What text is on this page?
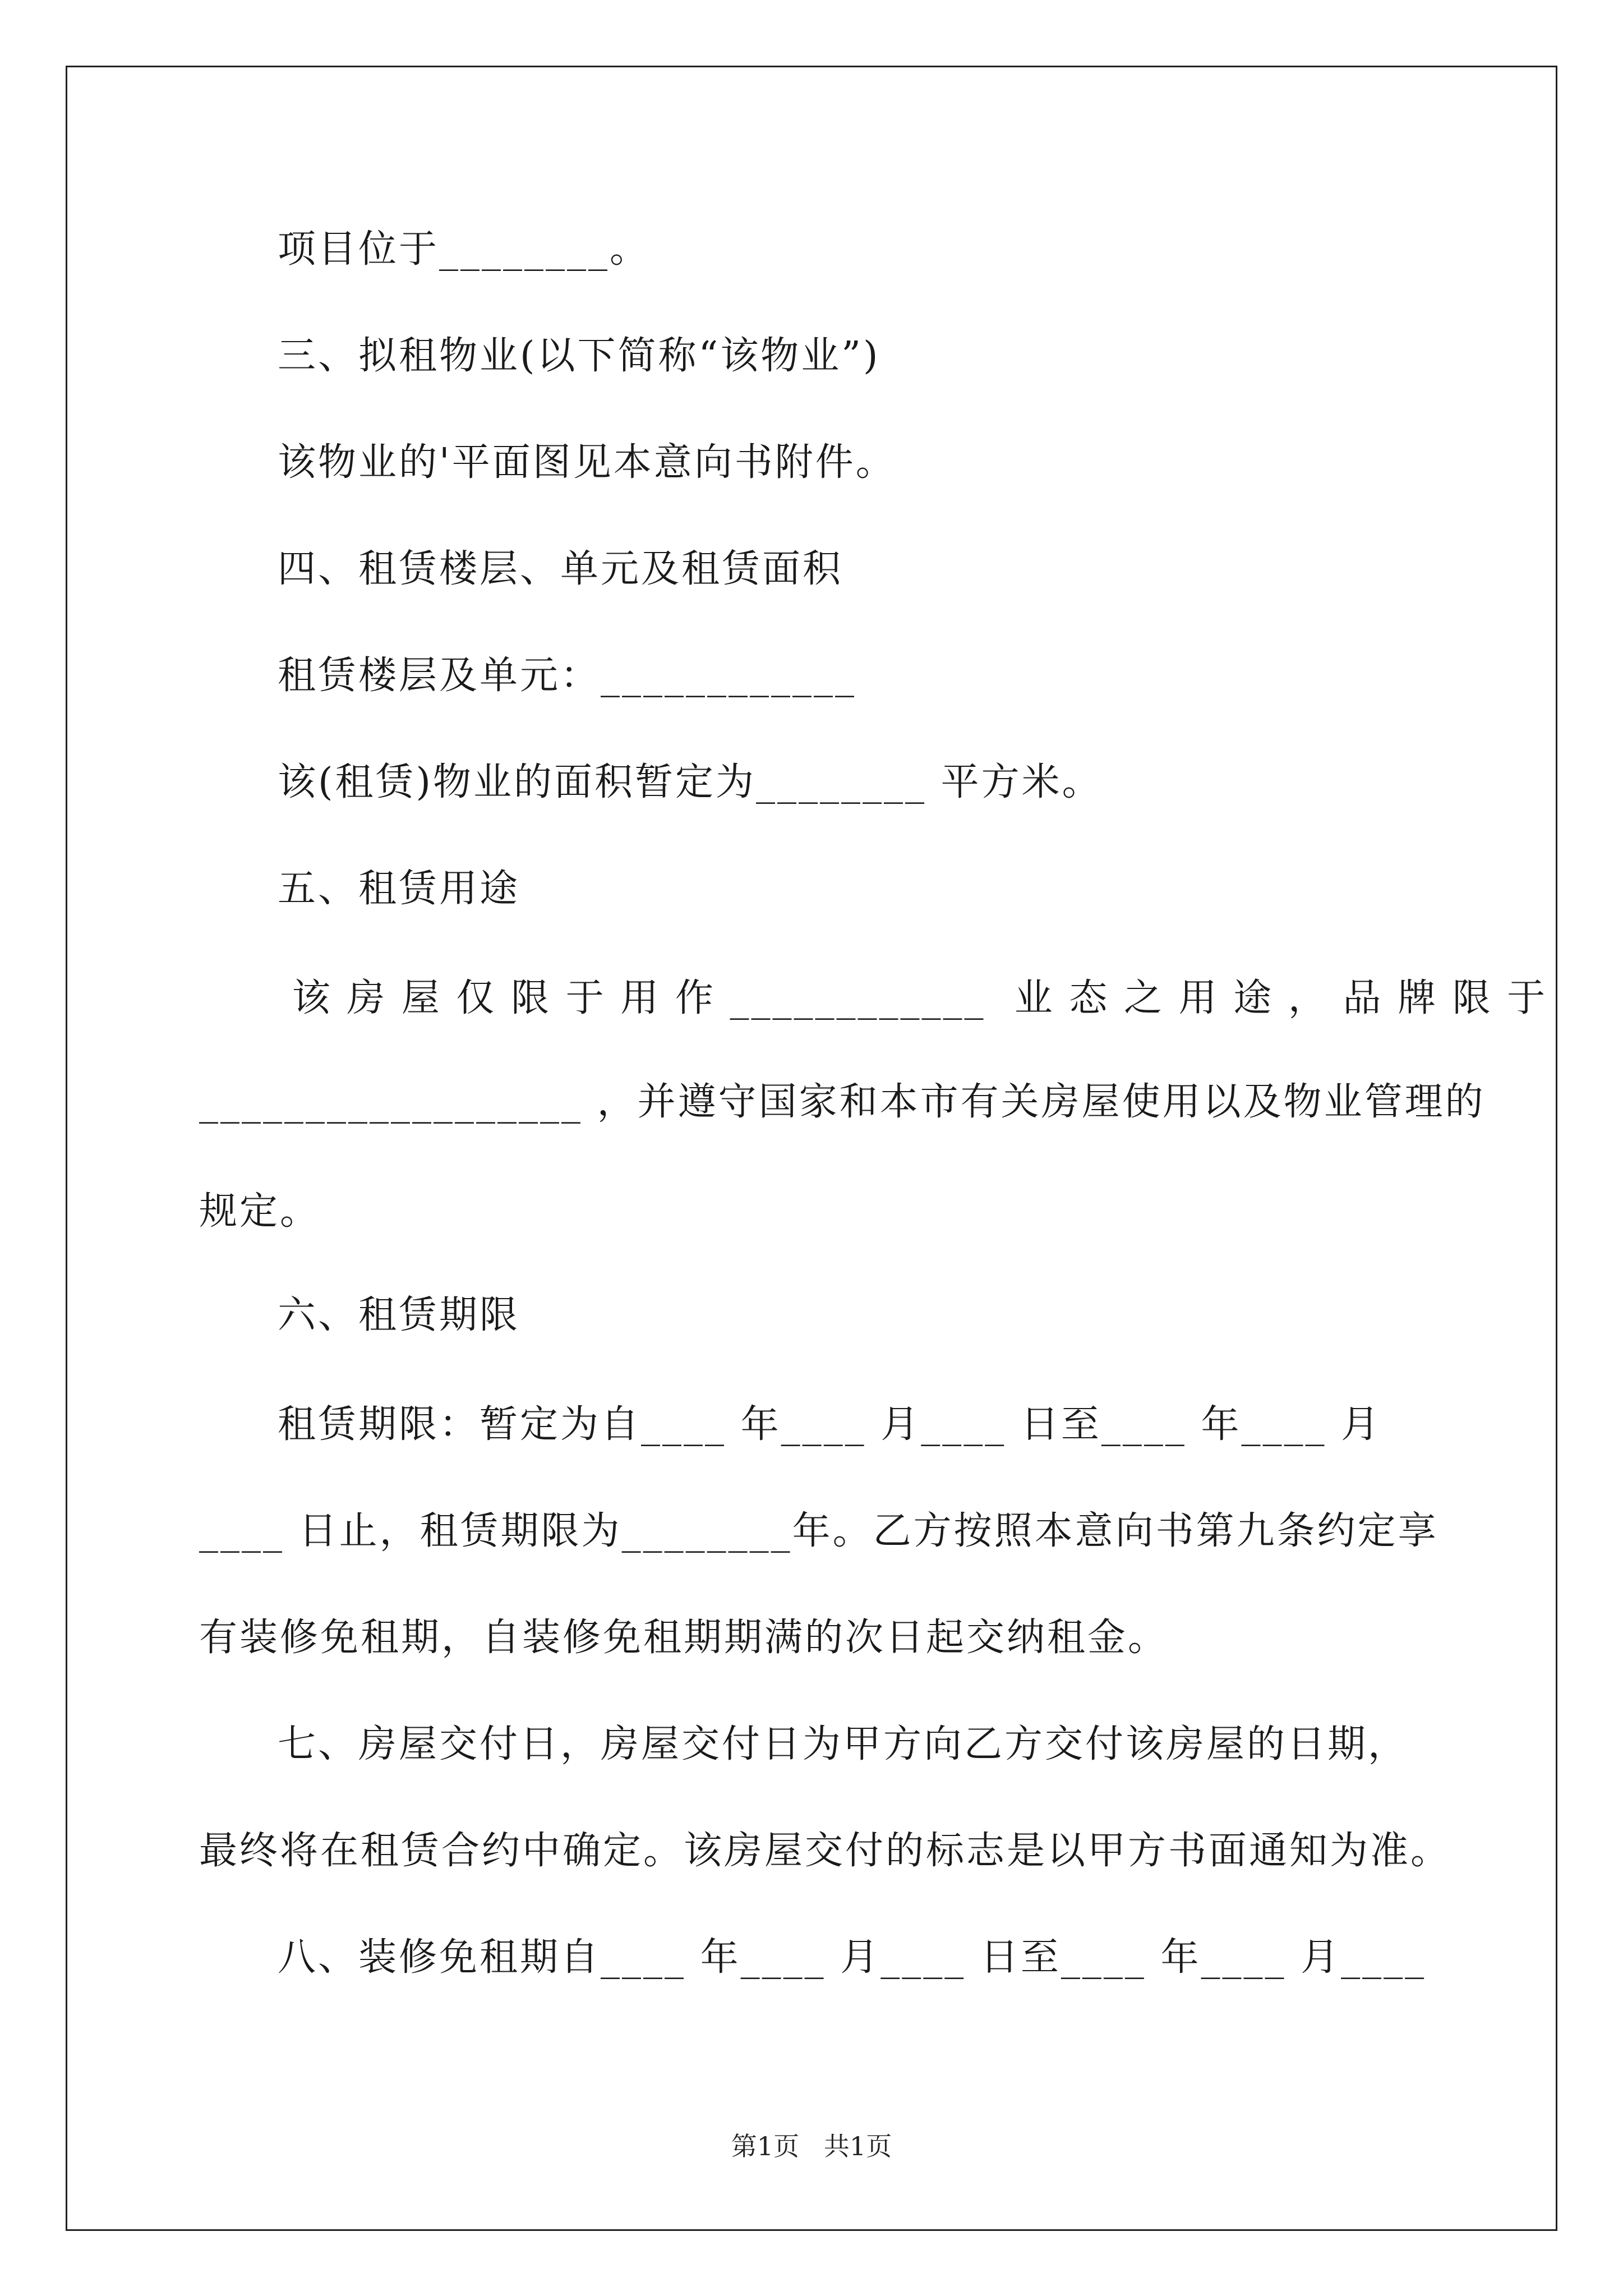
项目位于________。
三、拟租物业(以下简称“该物业”)
该物业的'平面图见本意向书附件。
四、租赁楼层、单元及租赁面积
租赁楼层及单元：____________
该(租赁)物业的面积暂定为________ 平方米。
五、租赁用途
该 房 屋 仅 限 于 用 作 ____________  业 态 之 用 途 ， 品 牌 限 于
__________________ ，并遵守国家和本市有关房屋使用以及物业管理的
规定。
六、租赁期限
租赁期限：暂定为自____ 年____ 月____ 日至____ 年____ 月
____ 日止，租赁期限为________年。乙方按照本意向书第九条约定享
有装修免租期，自装修免租期期满的次日起交纳租金。
七、房屋交付日，房屋交付日为甲方向乙方交付该房屋的日期，
最终将在租赁合约中确定。该房屋交付的标志是以甲方书面通知为准。
八、装修免租期自____ 年____ 月____ 日至____ 年____ 月____
第1页   共1页
